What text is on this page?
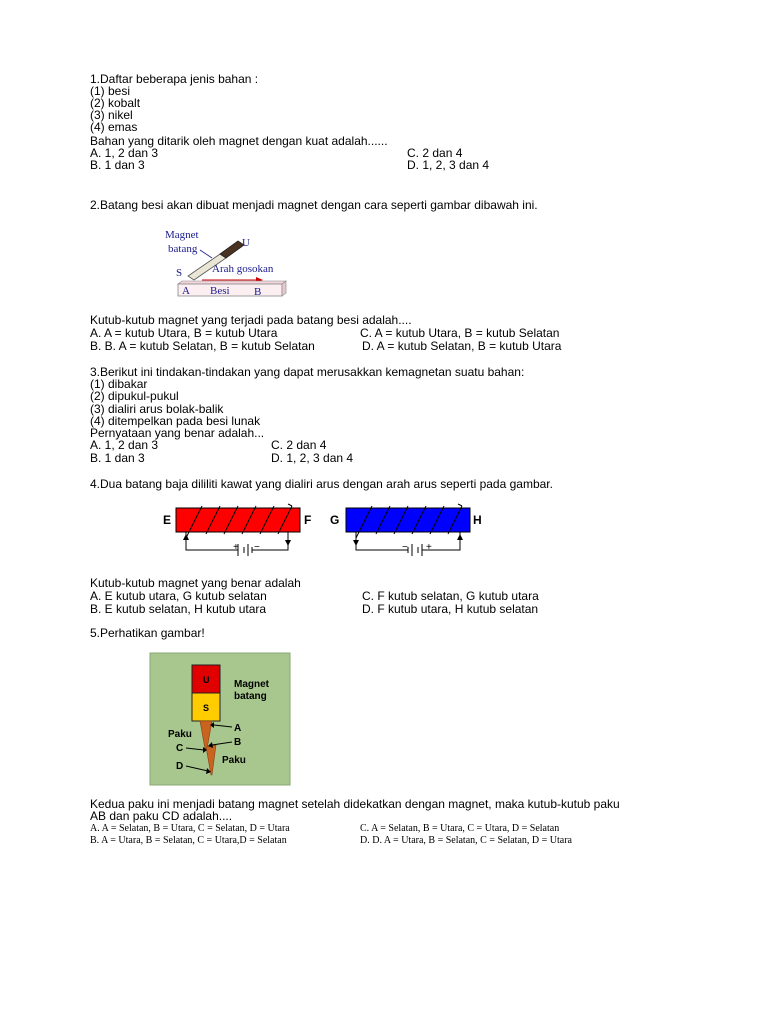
1.Daftar beberapa jenis bahan :
(1) besi
(2) kobalt
(3) nikel
(4) emas
Bahan yang ditarik oleh magnet dengan kuat adalah......
A. 1, 2 dan 3	C. 2 dan 4
B. 1 dan 3	D. 1, 2, 3 dan 4
2.Batang besi akan dibuat menjadi magnet dengan cara seperti gambar dibawah ini.
Magnet
batang	U
S	Arah gosokan
A Besi B
Kutub-kutub magnet yang terjadi pada batang besi adalah....
A. A = kutub Utara, B = kutub Utara	C. A = kutub Utara, B = kutub Selatan
B. B. A = kutub Selatan, B = kutub Selatan	D. A = kutub Selatan, B = kutub Utara
3.Berikut ini tindakan-tindakan yang dapat merusakkan kemagnetan suatu bahan:
(1) dibakar
(2) dipukul-pukul
(3) dialiri arus bolak-balik
(4) ditempelkan pada besi lunak
Pernyataan yang benar adalah...
A. 1, 2 dan 3	C. 2 dan 4
B. 1 dan 3	D. 1, 2, 3 dan 4
4.Dua batang baja dililiti kawat yang dialiri arus dengan arah arus seperti pada gambar.
E	F
+ −
G	H
− +
Kutub-kutub magnet yang benar adalah
A. E kutub utara, G kutub selatan	C. F kutub selatan, G kutub utara
B. E kutub selatan, H kutub utara	D. F kutub utara, H kutub selatan
5.Perhatikan gambar!
U
S
Magnet
batang
Paku
A
B
C
Paku
D
Kedua paku ini menjadi batang magnet setelah didekatkan dengan magnet, maka kutub-kutub paku
AB dan paku CD adalah....
A. A = Selatan, B = Utara, C = Selatan, D = Utara	C. A = Selatan, B = Utara, C = Utara, D = Selatan
B. A = Utara, B = Selatan, C = Utara,D = Selatan	D. D. A = Utara, B = Selatan, C = Selatan, D = Utara
